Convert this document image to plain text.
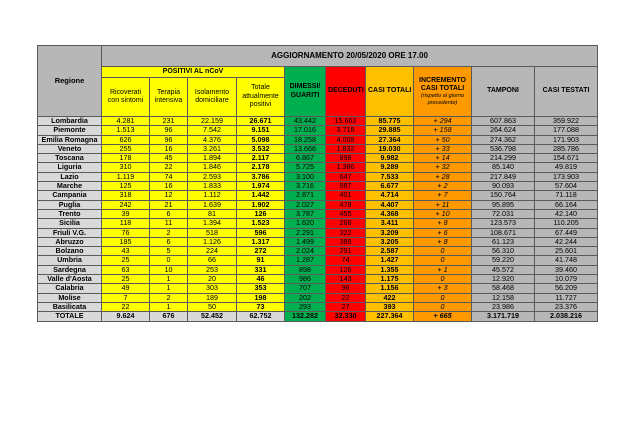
Regione	AGGIORNAMENTO 20/05/2020 ORE 17.00									
	POSITIVI AL nCoV				DIMESSI/ GUARITI	DECEDUTI	CASI TOTALI	INCREMENTO CASI TOTALI
(rispetto al giorno precedente)	TAMPONI	CASI TESTATI
	Ricoverati con sintomi	Terapia intensiva	Isolamento domiciliare	Totale attualmente positivi						
Lombardia	4.281	231	22.159	26.671	43.442	15.662	85.775	+ 294	607.863	359.922
Piemonte	1.513	96	7.542	9.151	17.016	3.718	29.885	+ 158	264.624	177.088
Emilia Romagna	626	96	4.376	5.098	18.258	4.008	27.364	+ 50	274.362	171.903
Veneto	255	16	3.261	3.532	13.666	1.832	19.030	+ 33	536.798	285.786
Toscana	178	45	1.894	2.117	6.867	998	9.982	+ 14	214.299	154.671
Liguria	310	22	1.846	2.178	5.725	1.386	9.289	+ 32	85.140	49.819
Lazio	1.119	74	2.593	3.786	3.100	647	7.533	+ 28	217.849	173.903
Marche	125	16	1.833	1.974	3.716	987	6.677	+ 2	90.093	57.604
Campania	318	12	1.112	1.442	2.871	401	4.714	+ 7	150.764	71.118
Puglia	242	21	1.639	1.902	2.027	478	4.407	+ 11	95.895	66.164
Trento	39	6	81	126	3.787	455	4.368	+ 10	72.031	42.140
Sicilia	118	11	1.394	1.523	1.620	268	3.411	+ 8	123.573	110.205
Friuli V.G.	76	2	518	596	2.291	322	3.209	+ 6	108.671	67.449
Abruzzo	185	6	1.126	1.317	1.499	389	3.205	+ 8	61.123	42.244
Bolzano	43	5	224	272	2.024	291	2.587	0	56.310	25.601
Umbria	25	0	66	91	1.287	74	1.427	0	59.220	41.748
Sardegna	63	10	253	331	898	126	1.355	+ 1	45.572	39.460
Valle d'Aosta	25	1	20	46	986	143	1.175	0	12.920	10.079
Calabria	49	1	303	353	707	96	1.156	+ 3	58.468	56.209
Molise	7	2	189	198	202	22	422	0	12.158	11.727
Basilicata	22	1	50	73	293	27	393	0	23.986	23.376
TOTALE	9.624	676	52.452	62.752	132.282	32.330	227.364	+ 665	3.171.719	2.038.216
